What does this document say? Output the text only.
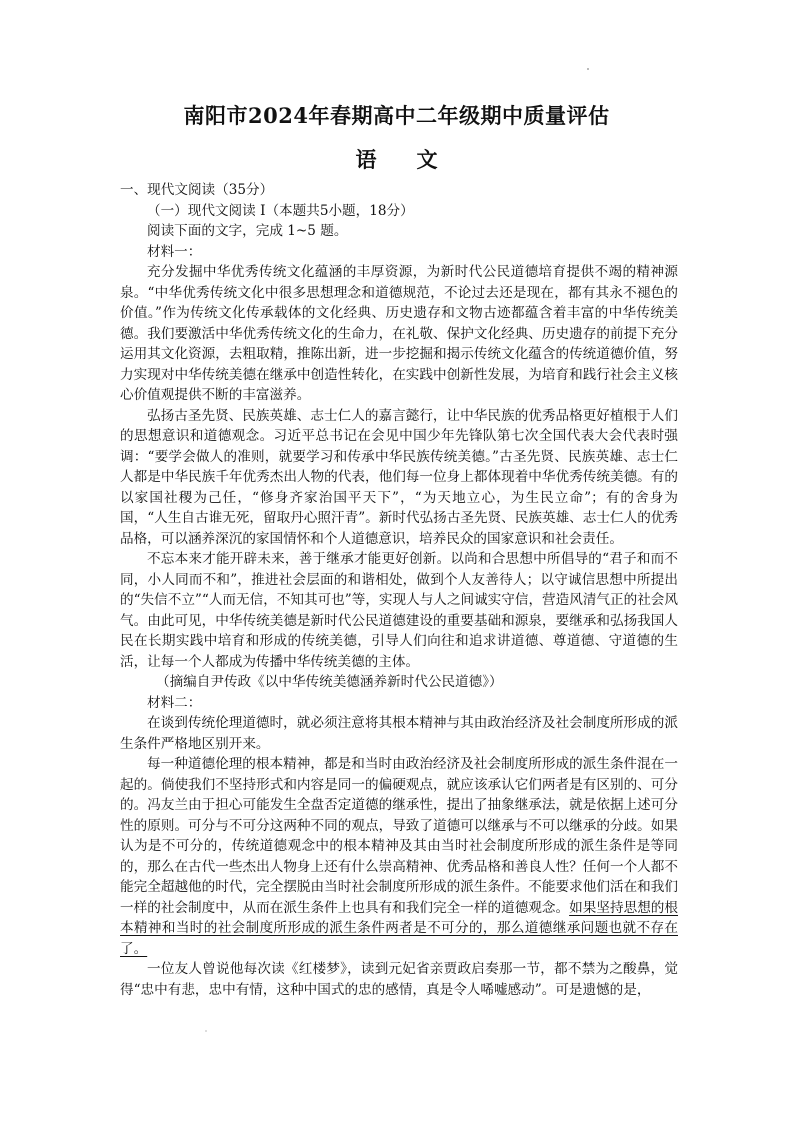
南阳市2024年春期高中二年级期中质量评估
语 文

一、现代文阅读（35分）

（一）现代文阅读 I（本题共5小题，18分）

阅读下面的文字，完成 1~5 题。

材料一：

充分发掘中华优秀传统文化蕴涵的丰厚资源，为新时代公民道德培育提供不竭的精神源泉。“中华优秀传统文化中很多思想理念和道德规范，不论过去还是现在，都有其永不褪色的价值。”作为传统文化传承载体的文化经典、历史遗存和文物古迹都蕴含着丰富的中华传统美德。我们要激活中华优秀传统文化的生命力，在礼敬、保护文化经典、历史遗存的前提下充分运用其文化资源，去粗取精，推陈出新，进一步挖掘和揭示传统文化蕴含的传统道德价值，努力实现对中华传统美德在继承中创造性转化，在实践中创新性发展，为培育和践行社会主义核心价值观提供不断的丰富滋养。

弘扬古圣先贤、民族英雄、志士仁人的嘉言懿行，让中华民族的优秀品格更好植根于人们的思想意识和道德观念。习近平总书记在会见中国少年先锋队第七次全国代表大会代表时强调：“要学会做人的准则，就要学习和传承中华民族传统美德。”古圣先贤、民族英雄、志士仁人都是中华民族千年优秀杰出人物的代表，他们每一位身上都体现着中华优秀传统美德。有的以家国社稷为己任，“修身齐家治国平天下”，“为天地立心，为生民立命”；有的舍身为国，“人生自古谁无死，留取丹心照汗青”。新时代弘扬古圣先贤、民族英雄、志士仁人的优秀品格，可以涵养深沉的家国情怀和个人道德意识，培养民众的国家意识和社会责任。

不忘本来才能开辟未来，善于继承才能更好创新。以尚和合思想中所倡导的“君子和而不同，小人同而不和”，推进社会层面的和谐相处，做到个人友善待人；以守诚信思想中所提出的“失信不立”“人而无信，不知其可也”等，实现人与人之间诚实守信，营造风清气正的社会风气。由此可见，中华传统美德是新时代公民道德建设的重要基础和源泉，要继承和弘扬我国人民在长期实践中培育和形成的传统美德，引导人们向往和追求讲道德、尊道德、守道德的生活，让每一个人都成为传播中华传统美德的主体。

（摘编自尹传政《以中华传统美德涵养新时代公民道德》）

材料二：

在谈到传统伦理道德时，就必须注意将其根本精神与其由政治经济及社会制度所形成的派生条件严格地区别开来。

每一种道德伦理的根本精神，都是和当时由政治经济及社会制度所形成的派生条件混在一起的。倘使我们不坚持形式和内容是同一的偏硬观点，就应该承认它们两者是有区别的、可分的。冯友兰由于担心可能发生全盘否定道德的继承性，提出了抽象继承法，就是依据上述可分性的原则。可分与不可分这两种不同的观点，导致了道德可以继承与不可以继承的分歧。如果认为是不可分的，传统道德观念中的根本精神及其由当时社会制度所形成的派生条件是等同的，那么在古代一些杰出人物身上还有什么崇高精神、优秀品格和善良人性？任何一个人都不能完全超越他的时代，完全摆脱由当时社会制度所形成的派生条件。不能要求他们活在和我们一样的社会制度中，从而在派生条件上也具有和我们完全一样的道德观念。如果坚持思想的根本精神和当时的社会制度所形成的派生条件两者是不可分的，那么道德继承问题也就不存在了。

一位友人曾说他每次读《红楼梦》，读到元妃省亲贾政启奏那一节，都不禁为之酸鼻，觉得“忠中有悲，忠中有情，这种中国式的忠的感情，真是令人唏嘘感动”。可是遗憾的是，
